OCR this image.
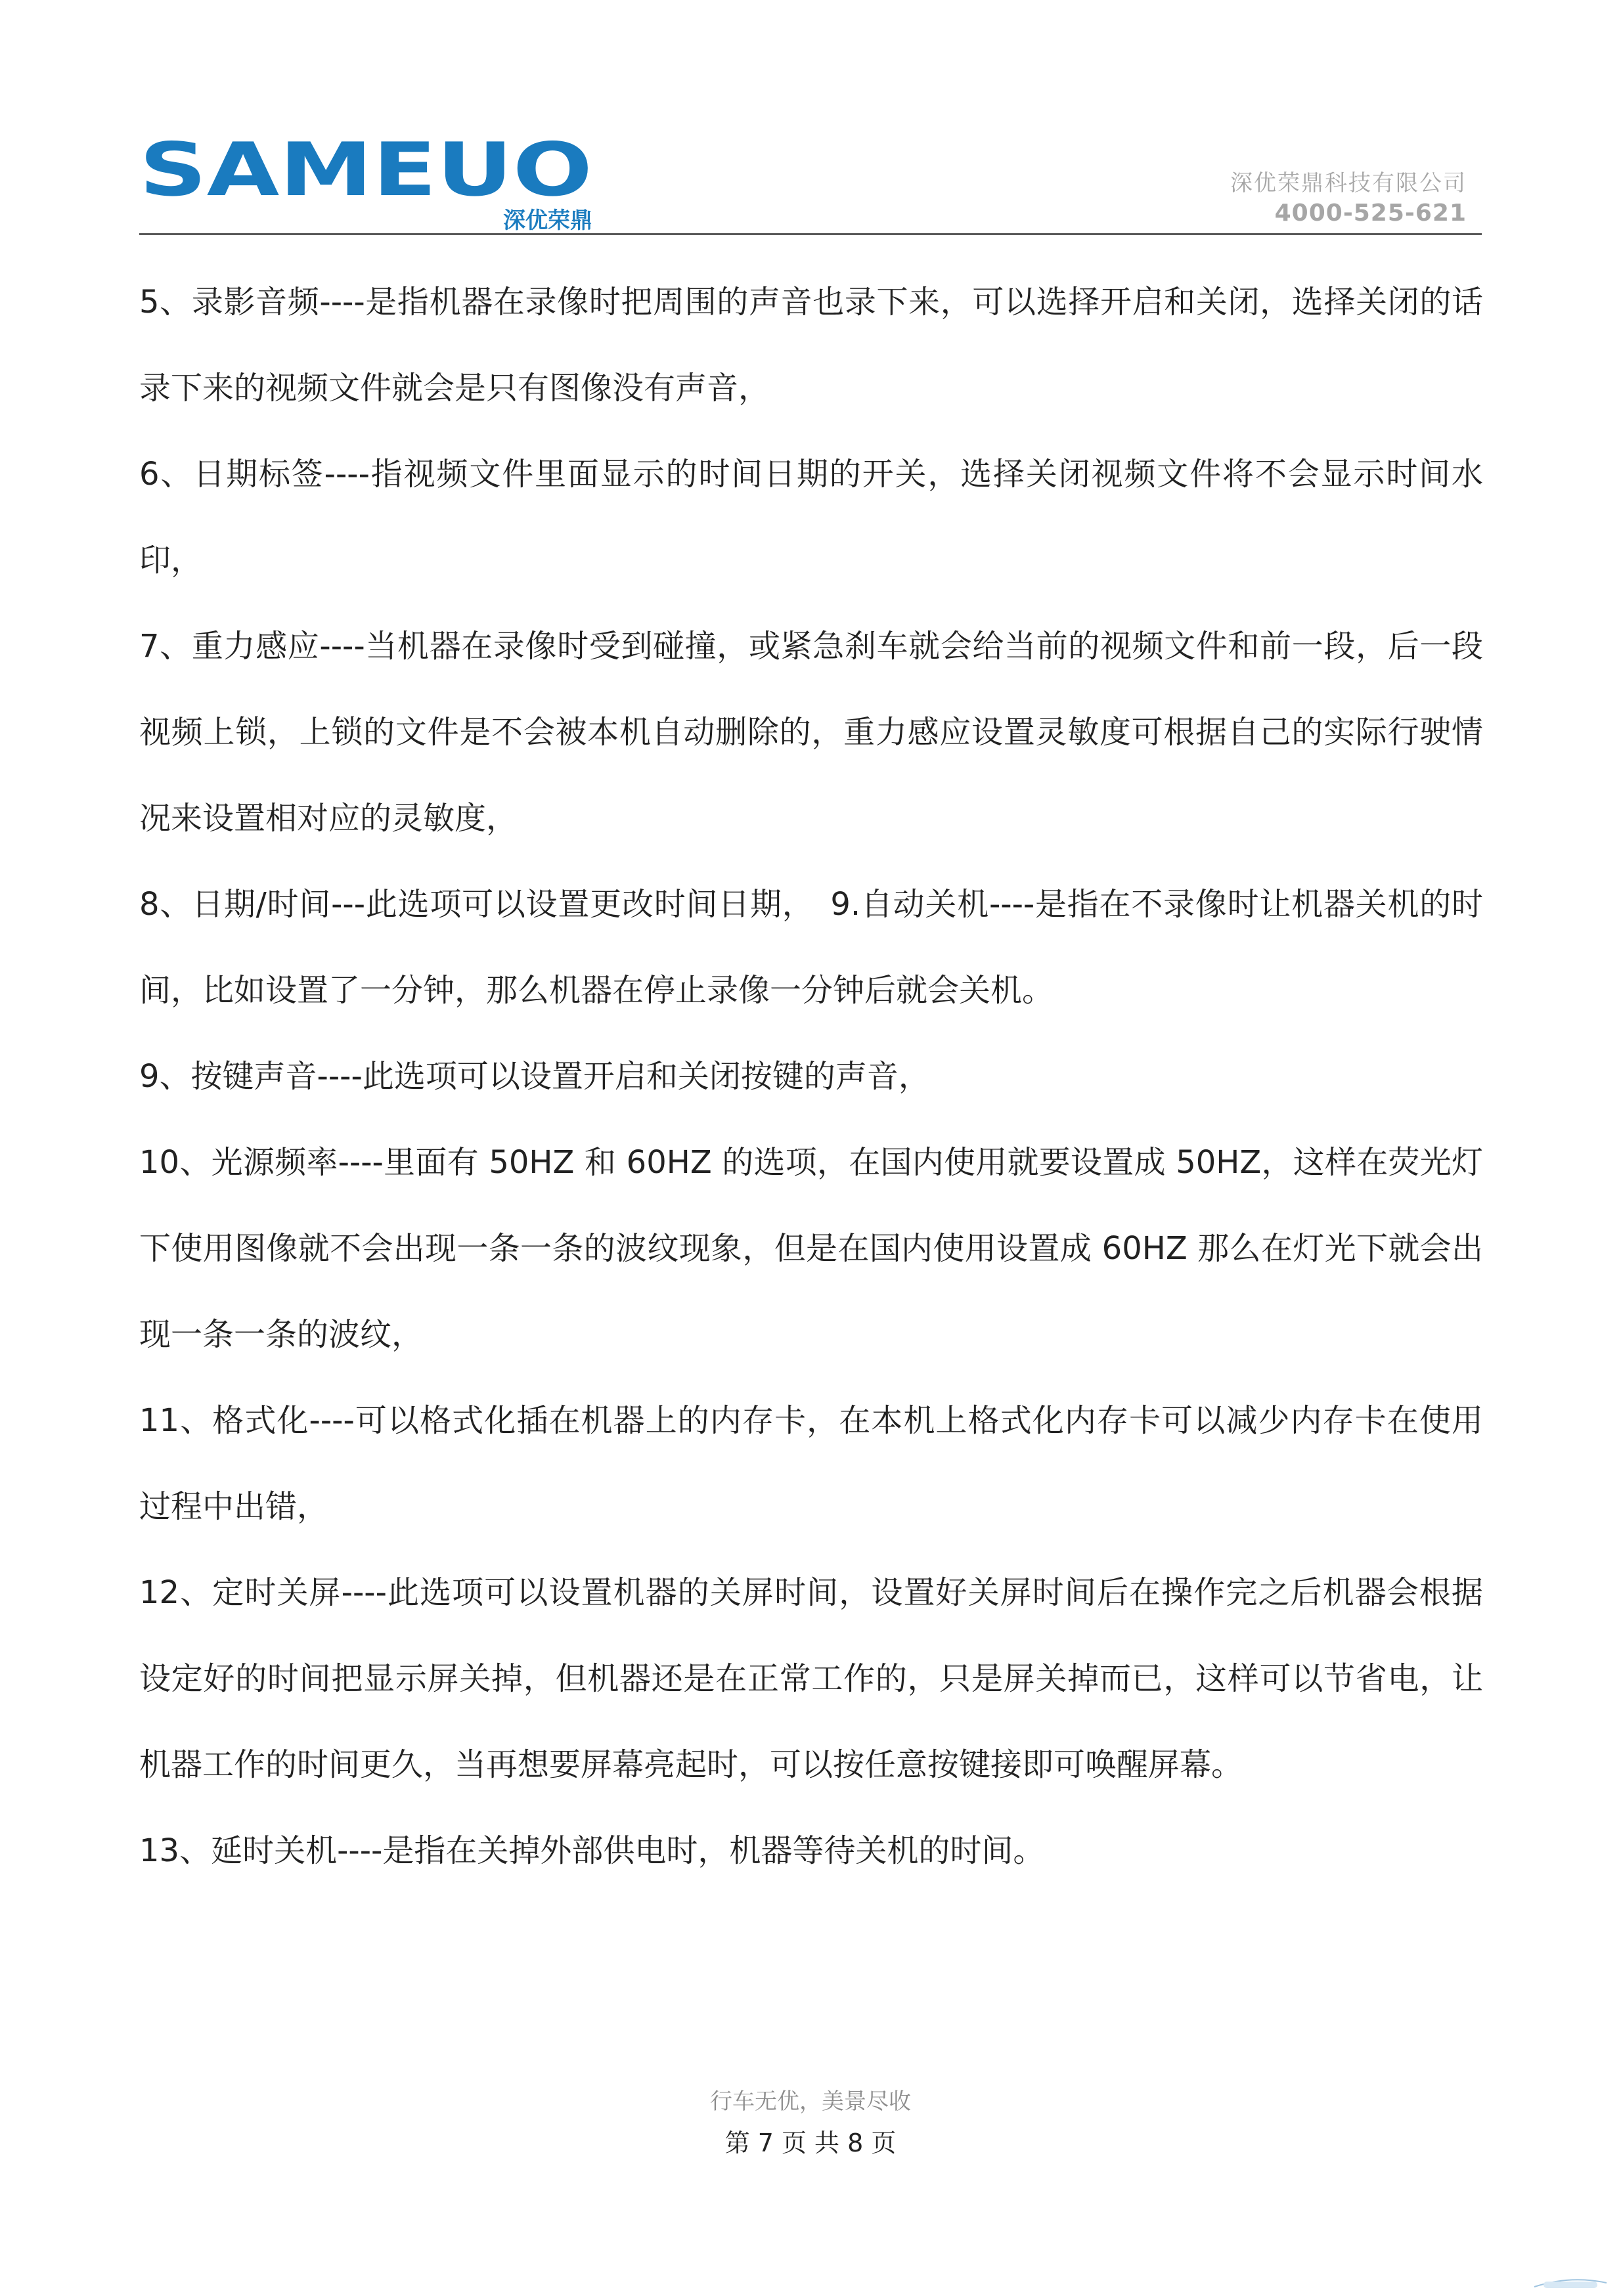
SAMEUO
深优荣鼎
深优荣鼎科技有限公司
4000-525-621

5、录影音频----是指机器在录像时把周围的声音也录下来，可以选择开启和关闭，选择关闭的话录下来的视频文件就会是只有图像没有声音，

6、日期标签----指视频文件里面显示的时间日期的开关，选择关闭视频文件将不会显示时间水印，

7、重力感应----当机器在录像时受到碰撞，或紧急刹车就会给当前的视频文件和前一段，后一段视频上锁，上锁的文件是不会被本机自动删除的，重力感应设置灵敏度可根据自己的实际行驶情况来设置相对应的灵敏度，

8、日期/时间---此选项可以设置更改时间日期，　9.自动关机----是指在不录像时让机器关机的时间，比如设置了一分钟，那么机器在停止录像一分钟后就会关机。

9、按键声音----此选项可以设置开启和关闭按键的声音，

10、光源频率----里面有 50HZ 和 60HZ 的选项，在国内使用就要设置成 50HZ，这样在荧光灯下使用图像就不会出现一条一条的波纹现象，但是在国内使用设置成 60HZ 那么在灯光下就会出现一条一条的波纹，

11、格式化----可以格式化插在机器上的内存卡，在本机上格式化内存卡可以减少内存卡在使用过程中出错，

12、定时关屏----此选项可以设置机器的关屏时间，设置好关屏时间后在操作完之后机器会根据设定好的时间把显示屏关掉，但机器还是在正常工作的，只是屏关掉而已，这样可以节省电，让机器工作的时间更久，当再想要屏幕亮起时，可以按任意按键接即可唤醒屏幕。

13、延时关机----是指在关掉外部供电时，机器等待关机的时间。

行车无优，美景尽收
第 7 页 共 8 页
